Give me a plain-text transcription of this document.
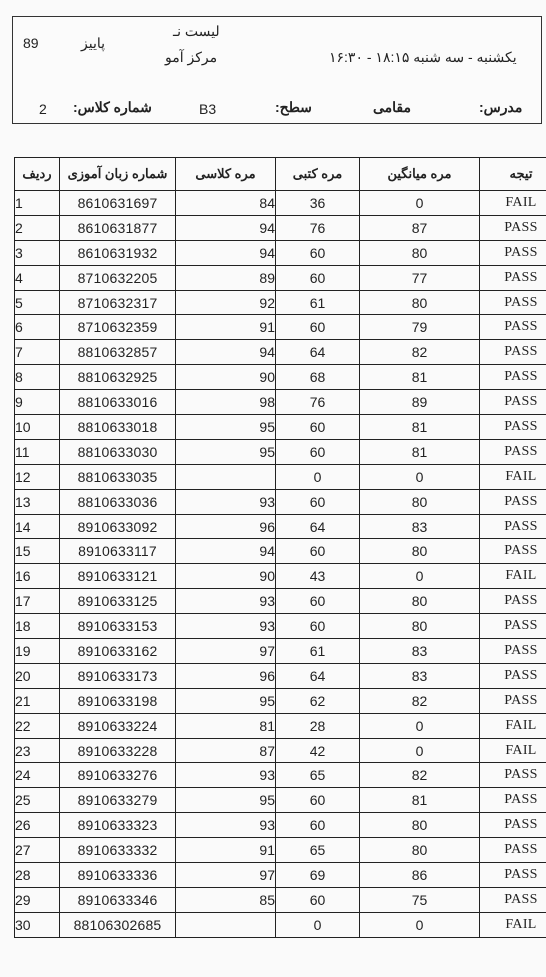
89	پاییز
لیست نـ
مرکز آمو	یکشنبه - سه شنبه ۱۸:۱۵ - ۱۶:۳۰
2 شماره کلاس:	B3	سطح:	مقامی	مدرس:
ردیف	شماره زبان آموزی	مره کلاسی	مره کتبی	مره میانگین	تیجه
1	8610631697	84	36	0	FAIL
2	8610631877	94	76	87	PASS
3	8610631932	94	60	80	PASS
4	8710632205	89	60	77	PASS
5	8710632317	92	61	80	PASS
6	8710632359	91	60	79	PASS
7	8810632857	94	64	82	PASS
8	8810632925	90	68	81	PASS
9	8810633016	98	76	89	PASS
10	8810633018	95	60	81	PASS
11	8810633030	95	60	81	PASS
12	8810633035		0	0	FAIL
13	8810633036	93	60	80	PASS
14	8910633092	96	64	83	PASS
15	8910633117	94	60	80	PASS
16	8910633121	90	43	0	FAIL
17	8910633125	93	60	80	PASS
18	8910633153	93	60	80	PASS
19	8910633162	97	61	83	PASS
20	8910633173	96	64	83	PASS
21	8910633198	95	62	82	PASS
22	8910633224	81	28	0	FAIL
23	8910633228	87	42	0	FAIL
24	8910633276	93	65	82	PASS
25	8910633279	95	60	81	PASS
26	8910633323	93	60	80	PASS
27	8910633332	91	65	80	PASS
28	8910633336	97	69	86	PASS
29	8910633346	85	60	75	PASS
30	88106302685		0	0	FAIL
